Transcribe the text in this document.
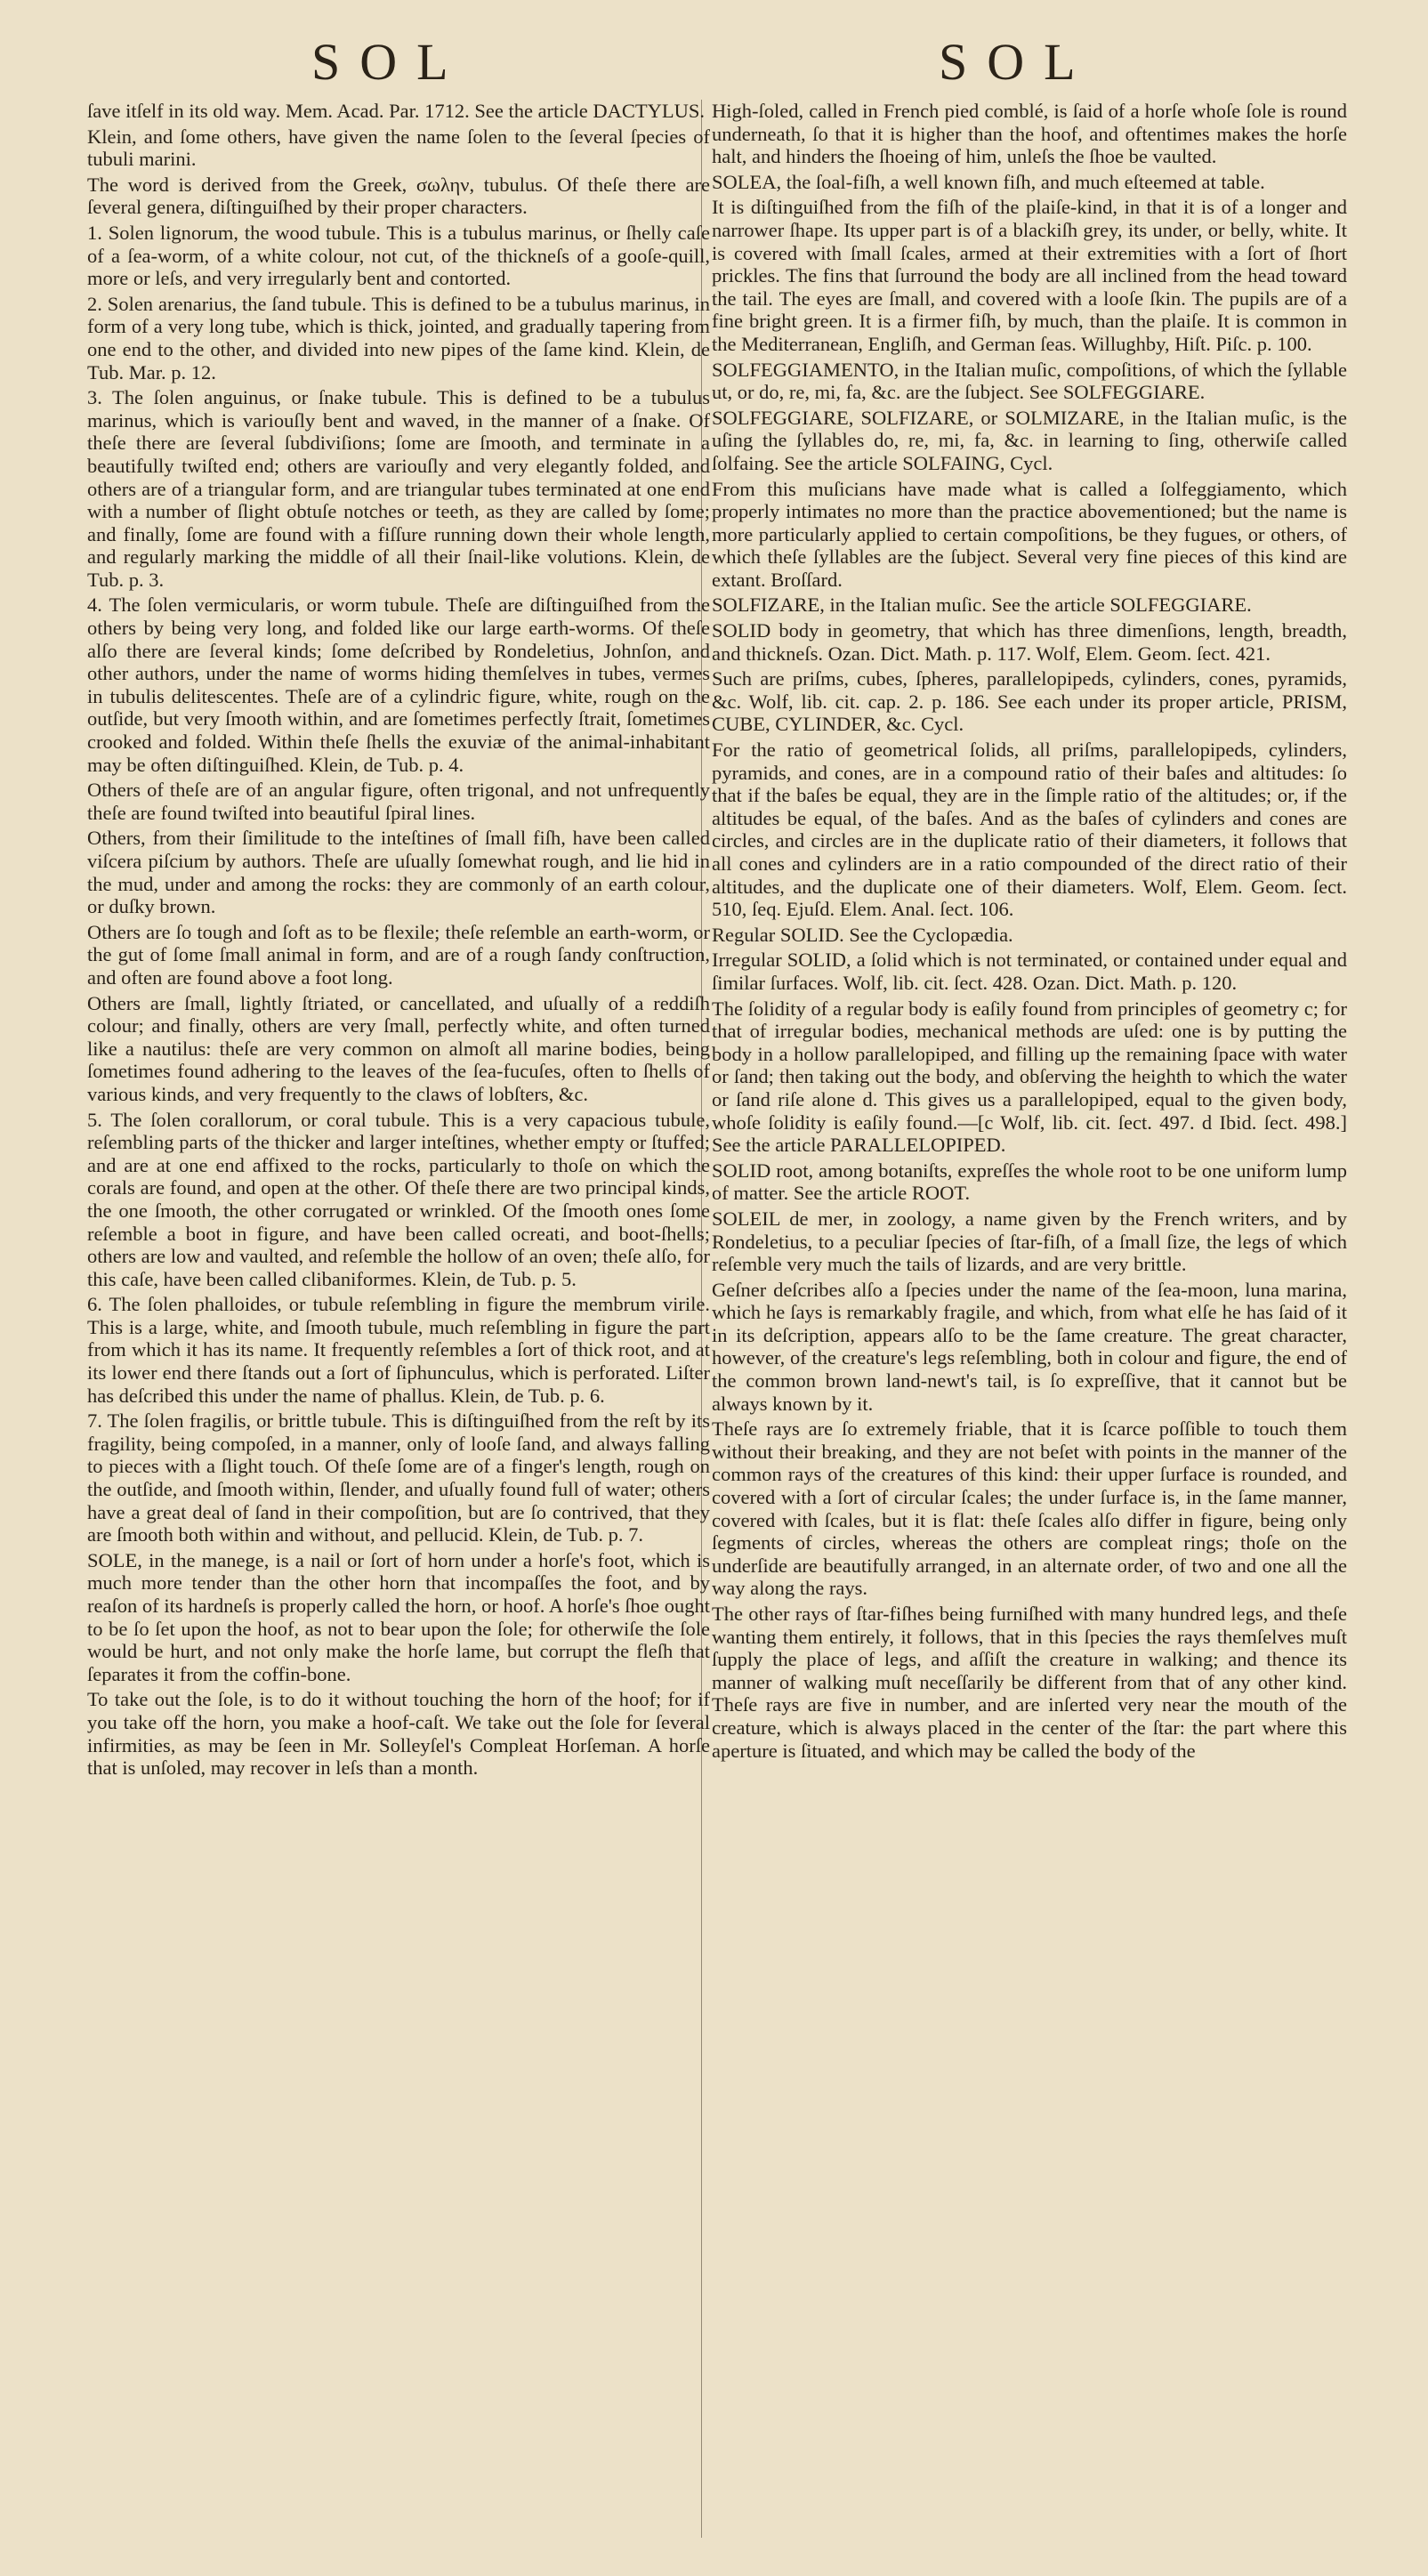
SOL	SOL

ſave itſelf in its old way. Mem. Acad. Par. 1712. See the article DACTYLUS.

Klein, and ſome others, have given the name ſolen to the ſeveral ſpecies of tubuli marini.

The word is derived from the Greek, σωλην, tubulus. Of theſe there are ſeveral genera, diſtinguiſhed by their proper characters.

1. Solen lignorum, the wood tubule. This is a tubulus marinus, or ſhelly caſe of a ſea-worm, of a white colour, not cut, of the thickneſs of a gooſe-quill, more or leſs, and very irregularly bent and contorted.

2. Solen arenarius, the ſand tubule. This is defined to be a tubulus marinus, in form of a very long tube, which is thick, jointed, and gradually tapering from one end to the other, and divided into new pipes of the ſame kind. Klein, de Tub. Mar. p. 12.

3. The ſolen anguinus, or ſnake tubule. This is defined to be a tubulus marinus, which is variouſly bent and waved, in the manner of a ſnake. Of theſe there are ſeveral ſubdiviſions; ſome are ſmooth, and terminate in a beautifully twiſted end; others are variouſly and very elegantly folded, and others are of a triangular form, and are triangular tubes terminated at one end with a number of ſlight obtuſe notches or teeth, as they are called by ſome; and finally, ſome are found with a fiſſure running down their whole length, and regularly marking the middle of all their ſnail-like volutions. Klein, de Tub. p. 3.

4. The ſolen vermicularis, or worm tubule. Theſe are diſtinguiſhed from the others by being very long, and folded like our large earth-worms. Of theſe alſo there are ſeveral kinds; ſome deſcribed by Rondeletius, Johnſon, and other authors, under the name of worms hiding themſelves in tubes, vermes in tubulis delitescentes. Theſe are of a cylindric figure, white, rough on the outſide, but very ſmooth within, and are ſometimes perfectly ſtrait, ſometimes crooked and folded. Within theſe ſhells the exuviæ of the animal-inhabitant may be often diſtinguiſhed. Klein, de Tub. p. 4.

Others of theſe are of an angular figure, often trigonal, and not unfrequently theſe are found twiſted into beautiful ſpiral lines.

Others, from their ſimilitude to the inteſtines of ſmall fiſh, have been called viſcera piſcium by authors. Theſe are uſually ſomewhat rough, and lie hid in the mud, under and among the rocks: they are commonly of an earth colour, or duſky brown.

Others are ſo tough and ſoft as to be flexile; theſe reſemble an earth-worm, or the gut of ſome ſmall animal in form, and are of a rough ſandy conſtruction, and often are found above a foot long.

Others are ſmall, lightly ſtriated, or cancellated, and uſually of a reddiſh colour; and finally, others are very ſmall, perfectly white, and often turned like a nautilus: theſe are very common on almoſt all marine bodies, being ſometimes found adhering to the leaves of the ſea-fucuſes, often to ſhells of various kinds, and very frequently to the claws of lobſters, &c.

5. The ſolen corallorum, or coral tubule. This is a very capacious tubule, reſembling parts of the thicker and larger inteſtines, whether empty or ſtuffed; and are at one end affixed to the rocks, particularly to thoſe on which the corals are found, and open at the other. Of theſe there are two principal kinds, the one ſmooth, the other corrugated or wrinkled. Of the ſmooth ones ſome reſemble a boot in figure, and have been called ocreati, and boot-ſhells; others are low and vaulted, and reſemble the hollow of an oven; theſe alſo, for this caſe, have been called clibaniformes. Klein, de Tub. p. 5.

6. The ſolen phalloides, or tubule reſembling in figure the membrum virile. This is a large, white, and ſmooth tubule, much reſembling in figure the part from which it has its name. It frequently reſembles a ſort of thick root, and at its lower end there ſtands out a ſort of ſiphunculus, which is perforated. Liſter has deſcribed this under the name of phallus. Klein, de Tub. p. 6.

7. The ſolen fragilis, or brittle tubule. This is diſtinguiſhed from the reſt by its fragility, being compoſed, in a manner, only of looſe ſand, and always falling to pieces with a ſlight touch. Of theſe ſome are of a finger's length, rough on the outſide, and ſmooth within, ſlender, and uſually found full of water; others have a great deal of ſand in their compoſition, but are ſo contrived, that they are ſmooth both within and without, and pellucid. Klein, de Tub. p. 7.

SOLE, in the manege, is a nail or ſort of horn under a horſe's foot, which is much more tender than the other horn that incompaſſes the foot, and by reaſon of its hardneſs is properly called the horn, or hoof. A horſe's ſhoe ought to be ſo ſet upon the hoof, as not to bear upon the ſole; for otherwiſe the ſole would be hurt, and not only make the horſe lame, but corrupt the fleſh that ſeparates it from the coffin-bone.

To take out the ſole, is to do it without touching the horn of the hoof; for if you take off the horn, you make a hoof-caſt. We take out the ſole for ſeveral infirmities, as may be ſeen in Mr. Solleyſel's Compleat Horſeman. A horſe that is unſoled, may recover in leſs than a month.

High-ſoled, called in French pied comblé, is ſaid of a horſe whoſe ſole is round underneath, ſo that it is higher than the hoof, and oftentimes makes the horſe halt, and hinders the ſhoeing of him, unleſs the ſhoe be vaulted.

SOLEA, the ſoal-fiſh, a well known fiſh, and much eſteemed at table.

It is diſtinguiſhed from the fiſh of the plaiſe-kind, in that it is of a longer and narrower ſhape. Its upper part is of a blackiſh grey, its under, or belly, white. It is covered with ſmall ſcales, armed at their extremities with a ſort of ſhort prickles. The fins that ſurround the body are all inclined from the head toward the tail. The eyes are ſmall, and covered with a looſe ſkin. The pupils are of a fine bright green. It is a firmer fiſh, by much, than the plaiſe. It is common in the Mediterranean, Engliſh, and German ſeas. Willughby, Hiſt. Piſc. p. 100.

SOLFEGGIAMENTO, in the Italian muſic, compoſitions, of which the ſyllable ut, or do, re, mi, fa, &c. are the ſubject. See SOLFEGGIARE.

SOLFEGGIARE, SOLFIZARE, or SOLMIZARE, in the Italian muſic, is the uſing the ſyllables do, re, mi, fa, &c. in learning to ſing, otherwiſe called ſolfaing. See the article SOLFAING, Cycl.

From this muſicians have made what is called a ſolfeggiamento, which properly intimates no more than the practice abovementioned; but the name is more particularly applied to certain compoſitions, be they fugues, or others, of which theſe ſyllables are the ſubject. Several very fine pieces of this kind are extant. Broſſard.

SOLFIZARE, in the Italian muſic. See the article SOLFEGGIARE.

SOLID body in geometry, that which has three dimenſions, length, breadth, and thickneſs. Ozan. Dict. Math. p. 117. Wolf, Elem. Geom. ſect. 421.

Such are priſms, cubes, ſpheres, parallelopipeds, cylinders, cones, pyramids, &c. Wolf, lib. cit. cap. 2. p. 186. See each under its proper article, PRISM, CUBE, CYLINDER, &c. Cycl.

For the ratio of geometrical ſolids, all priſms, parallelopipeds, cylinders, pyramids, and cones, are in a compound ratio of their baſes and altitudes: ſo that if the baſes be equal, they are in the ſimple ratio of the altitudes; or, if the altitudes be equal, of the baſes. And as the baſes of cylinders and cones are circles, and circles are in the duplicate ratio of their diameters, it follows that all cones and cylinders are in a ratio compounded of the direct ratio of their altitudes, and the duplicate one of their diameters. Wolf, Elem. Geom. ſect. 510, ſeq. Ejuſd. Elem. Anal. ſect. 106.

Regular SOLID. See the Cyclopædia.

Irregular SOLID, a ſolid which is not terminated, or contained under equal and ſimilar ſurfaces. Wolf, lib. cit. ſect. 428. Ozan. Dict. Math. p. 120.

The ſolidity of a regular body is eaſily found from principles of geometry c; for that of irregular bodies, mechanical methods are uſed: one is by putting the body in a hollow parallelopiped, and filling up the remaining ſpace with water or ſand; then taking out the body, and obſerving the heighth to which the water or ſand riſe alone d. This gives us a parallelopiped, equal to the given body, whoſe ſolidity is eaſily found.—[c Wolf, lib. cit. ſect. 497. d Ibid. ſect. 498.] See the article PARALLELOPIPED.

SOLID root, among botaniſts, expreſſes the whole root to be one uniform lump of matter. See the article ROOT.

SOLEIL de mer, in zoology, a name given by the French writers, and by Rondeletius, to a peculiar ſpecies of ſtar-fiſh, of a ſmall ſize, the legs of which reſemble very much the tails of lizards, and are very brittle.

Geſner deſcribes alſo a ſpecies under the name of the ſea-moon, luna marina, which he ſays is remarkably fragile, and which, from what elſe he has ſaid of it in its deſcription, appears alſo to be the ſame creature. The great character, however, of the creature's legs reſembling, both in colour and figure, the end of the common brown land-newt's tail, is ſo expreſſive, that it cannot but be always known by it.

Theſe rays are ſo extremely friable, that it is ſcarce poſſible to touch them without their breaking, and they are not beſet with points in the manner of the common rays of the creatures of this kind: their upper ſurface is rounded, and covered with a ſort of circular ſcales; the under ſurface is, in the ſame manner, covered with ſcales, but it is flat: theſe ſcales alſo differ in figure, being only ſegments of circles, whereas the others are compleat rings; thoſe on the underſide are beautifully arranged, in an alternate order, of two and one all the way along the rays.

The other rays of ſtar-fiſhes being furniſhed with many hundred legs, and theſe wanting them entirely, it follows, that in this ſpecies the rays themſelves muſt ſupply the place of legs, and aſſiſt the creature in walking; and thence its manner of walking muſt neceſſarily be different from that of any other kind. Theſe rays are five in number, and are inſerted very near the mouth of the creature, which is always placed in the center of the ſtar: the part where this aperture is ſituated, and which may be called the body of the
